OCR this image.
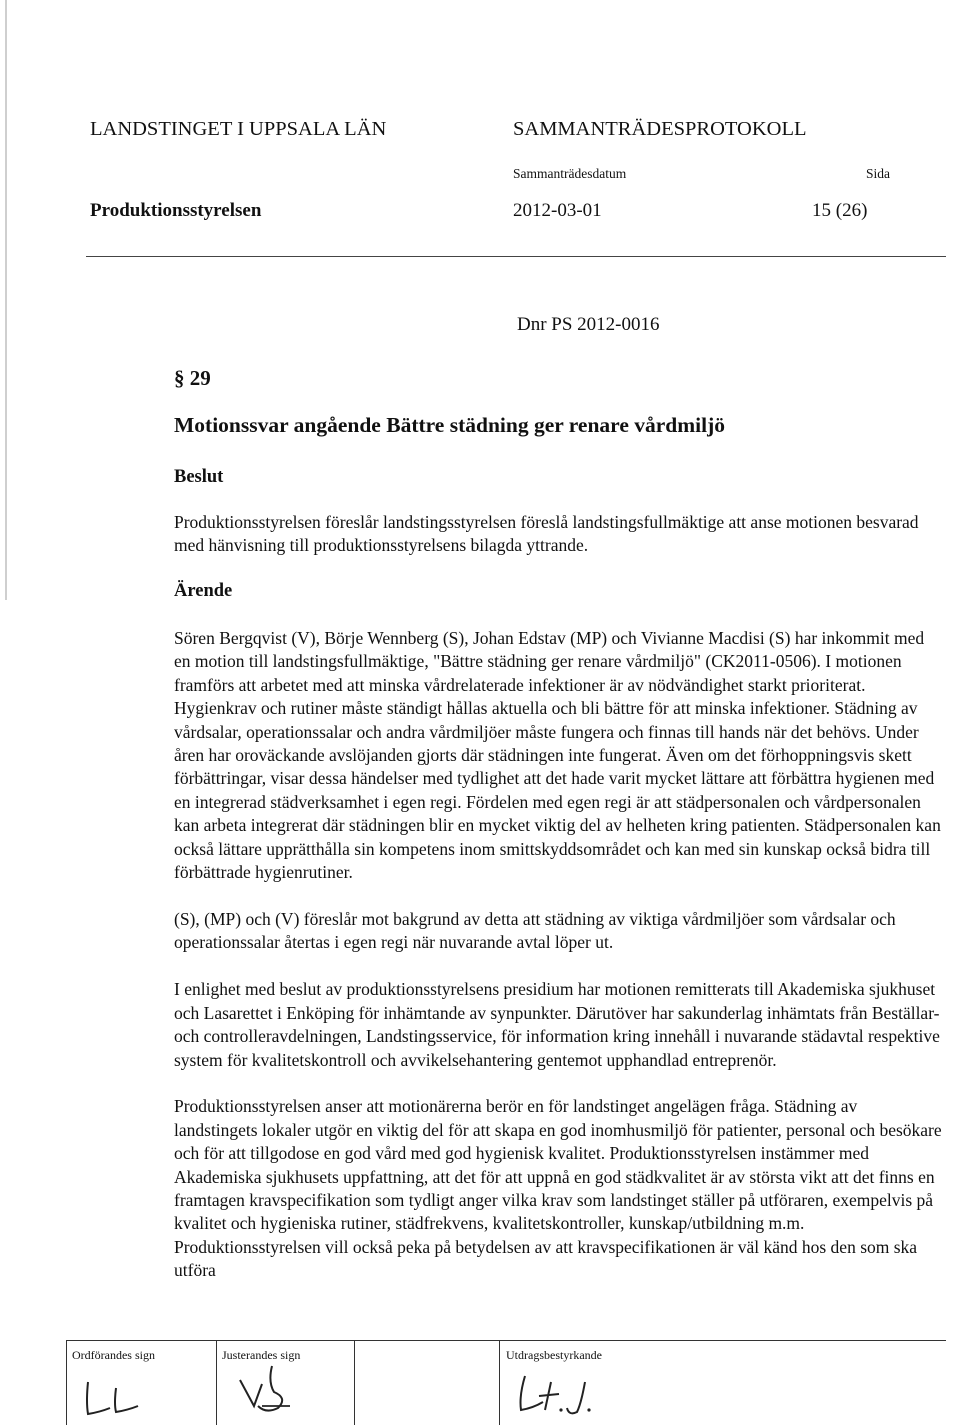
LANDSTINGET I UPPSALA LÄN	SAMMANTRÄDESPROTOKOLL
Sammanträdesdatum	Sida
Produktionsstyrelsen	2012-03-01	15 (26)
Dnr PS 2012-0016
§ 29
Motionssvar angående Bättre städning ger renare vårdmiljö
Beslut

Produktionsstyrelsen föreslår landstingsstyrelsen föreslå landstingsfullmäktige att anse motionen besvarad med hänvisning till produktionsstyrelsens bilagda yttrande.

Ärende

Sören Bergqvist (V), Börje Wennberg (S), Johan Edstav (MP) och Vivianne Macdisi (S) har inkommit med en motion till landstingsfullmäktige, "Bättre städning ger renare vårdmiljö" (CK2011-0506). I motionen framförs att arbetet med att minska vårdrelaterade infektioner är av nödvändighet starkt prioriterat. Hygienkrav och rutiner måste ständigt hållas aktuella och bli bättre för att minska infektioner. Städning av vårdsalar, operationssalar och andra vårdmiljöer måste fungera och finnas till hands när det behövs. Under åren har oroväckande avslöjanden gjorts där städningen inte fungerat. Även om det förhoppningsvis skett förbättringar, visar dessa händelser med tydlighet att det hade varit mycket lättare att förbättra hygienen med en integrerad städverksamhet i egen regi. Fördelen med egen regi är att städpersonalen och vårdpersonalen kan arbeta integrerat där städningen blir en mycket viktig del av helheten kring patienten. Städpersonalen kan också lättare upprätthålla sin kompetens inom smittskyddsområdet och kan med sin kunskap också bidra till förbättrade hygienrutiner.

(S), (MP) och (V) föreslår mot bakgrund av detta att städning av viktiga vårdmiljöer som vårdsalar och operationssalar återtas i egen regi när nuvarande avtal löper ut.

I enlighet med beslut av produktionsstyrelsens presidium har motionen remitterats till Akademiska sjukhuset och Lasarettet i Enköping för inhämtande av synpunkter. Därutöver har sakunderlag inhämtats från Beställar- och controlleravdelningen, Landstingsservice, för information kring innehåll i nuvarande städavtal respektive system för kvalitetskontroll och avvikelsehantering gentemot upphandlad entreprenör.

Produktionsstyrelsen anser att motionärerna berör en för landstinget angelägen fråga. Städning av landstingets lokaler utgör en viktig del för att skapa en god inomhusmiljö för patienter, personal och besökare och för att tillgodose en god vård med god hygienisk kvalitet. Produktionsstyrelsen instämmer med Akademiska sjukhusets uppfattning, att det för att uppnå en god städkvalitet är av största vikt att det finns en framtagen kravspecifikation som tydligt anger vilka krav som landstinget ställer på utföraren, exempelvis på kvalitet och hygieniska rutiner, städfrekvens, kvalitetskontroller, kunskap/utbildning m.m. Produktionsstyrelsen vill också peka på betydelsen av att kravspecifikationen är väl känd hos den som ska utföra

Ordförandes sign	Justerandes sign	Utdragsbestyrkande
